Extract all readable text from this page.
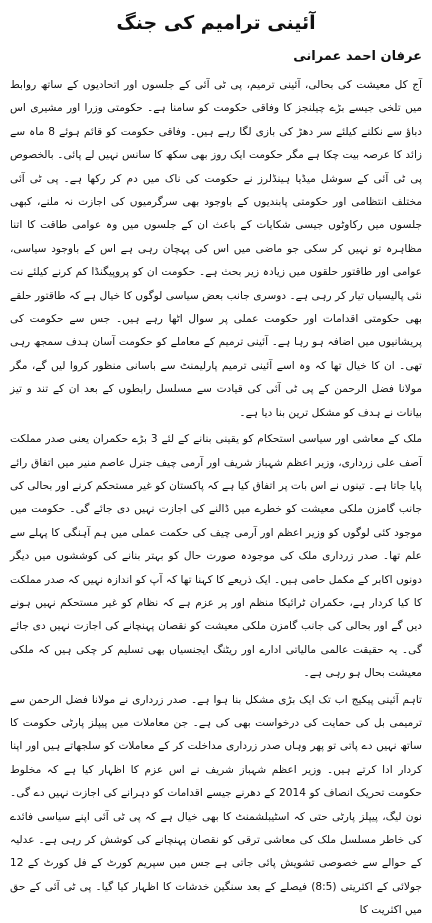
آئینی ترامیم کی جنگ
عرفان احمد عمرانی

آج کل معیشت کی بحالی، آئینی ترمیم، پی ٹی آئی کے جلسوں اور اتحادیوں کے ساتھ روابط میں تلخی جیسے بڑے چیلنجز کا وفاقی حکومت کو سامنا ہے۔ حکومتی وزرا اور مشیری اس دباؤ سے نکلنے کیلئے سر دھڑ کی بازی لگا رہے ہیں۔ وفاقی حکومت کو قائم ہوئے 8 ماہ سے زائد کا عرصہ بیت چکا ہے مگر حکومت ایک روز بھی سکھ کا سانس نہیں لے پائی۔ بالخصوص پی ٹی آئی کے سوشل میڈیا ہینڈلرز نے حکومت کی ناک میں دم کر رکھا ہے۔ پی ٹی آئی مختلف انتظامی اور حکومتی پابندیوں کے باوجود بھی سرگرمیوں کی اجازت نہ ملنے، کبھی جلسوں میں رکاوٹوں جیسی شکایات کے باعث ان کے جلسوں میں وہ عوامی طاقت کا اتنا مظاہرہ تو نہیں کر سکی جو ماضی میں اس کی پہچان رہی ہے اس کے باوجود سیاسی، عوامی اور طاقتور حلقوں میں زیادہ زیر بحث ہے۔ حکومت ان کو پروپیگنڈا کم کرنے کیلئے نت نئی پالیسیاں تیار کر رہی ہے۔ دوسری جانب بعض سیاسی لوگوں کا خیال ہے کہ طاقتور حلقے بھی حکومتی اقدامات اور حکومت عملی پر سوال اٹھا رہے ہیں۔ جس سے حکومت کی پریشانیوں میں اضافہ ہو رہا ہے۔ آئینی ترمیم کے معاملے کو حکومت آسان ہدف سمجھ رہی تھی۔ ان کا خیال تھا کہ وہ اسے آئینی ترمیم پارلیمنٹ سے باسانی منظور کروا لیں گے، مگر مولانا فضل الرحمن کے پی ٹی آئی کی قیادت سے مسلسل رابطوں کے بعد ان کے تند و تیز بیانات نے ہدف کو مشکل ترین بنا دیا ہے۔

ملک کے معاشی اور سیاسی استحکام کو یقینی بنانے کے لئے 3 بڑے حکمران یعنی صدر مملکت آصف علی زرداری، وزیر اعظم شہباز شریف اور آرمی چیف جنرل عاصم منیر میں اتفاق رائے پایا جاتا ہے۔ تینوں نے اس بات پر اتفاق کیا ہے کہ پاکستان کو غیر مستحکم کرنے اور بحالی کی جانب گامزن ملکی معیشت کو خطرے میں ڈالنے کی اجازت نہیں دی جائے گی۔ حکومت میں موجود کئی لوگوں کو وزیر اعظم اور آرمی چیف کی حکمت عملی میں ہم آہنگی کا پہلے سے علم تھا۔ صدر زرداری ملک کی موجودہ صورت حال کو بہتر بنانے کی کوششوں میں دیگر دونوں اکابر کے مکمل حامی ہیں۔ ایک ذریعے کا کہنا تھا کہ آپ کو اندازہ نہیں کہ صدر مملکت کا کیا کردار ہے، حکمران ٹرائیکا منظم اور پر عزم ہے کہ نظام کو غیر مستحکم نہیں ہونے دیں گے اور بحالی کی جانب گامزن ملکی معیشت کو نقصان پہنچانے کی اجازت نہیں دی جائے گی۔ یہ حقیقت عالمی مالیاتی ادارے اور ریٹنگ ایجنسیاں بھی تسلیم کر چکی ہیں کہ ملکی معیشت بحال ہو رہی ہے۔

تاہم آئینی پیکیج اب تک ایک بڑی مشکل بنا ہوا ہے۔ صدر زرداری نے مولانا فضل الرحمن سے ترمیمی بل کی حمایت کی درخواست بھی کی ہے۔ جن معاملات میں پیپلز پارٹی حکومت کا ساتھ نہیں دے پاتی تو پھر وہاں صدر زرداری مداخلت کر کے معاملات کو سلجھاتے ہیں اور اپنا کردار ادا کرتے ہیں۔ وزیر اعظم شہباز شریف نے اس عزم کا اظہار کیا ہے کہ مخلوط حکومت تحریک انصاف کو 2014 کے دھرنے جیسے اقدامات کو دہرانے کی اجازت نہیں دے گی۔ نون لیگ، پیپلز پارٹی حتی کہ اسٹیبلشمنٹ کا بھی خیال ہے کہ پی ٹی آئی اپنے سیاسی فائدے کی خاطر مسلسل ملک کی معاشی ترقی کو نقصان پہنچانے کی کوشش کر رہی ہے۔ عدلیہ کے حوالے سے خصوصی تشویش پائی جاتی ہے جس میں سپریم کورٹ کے فل کورٹ کے 12 جولائی کے اکثریتی (8:5) فیصلے کے بعد سنگین خدشات کا اظہار کیا گیا۔ پی ٹی آئی کے حق میں اکثریت کا
